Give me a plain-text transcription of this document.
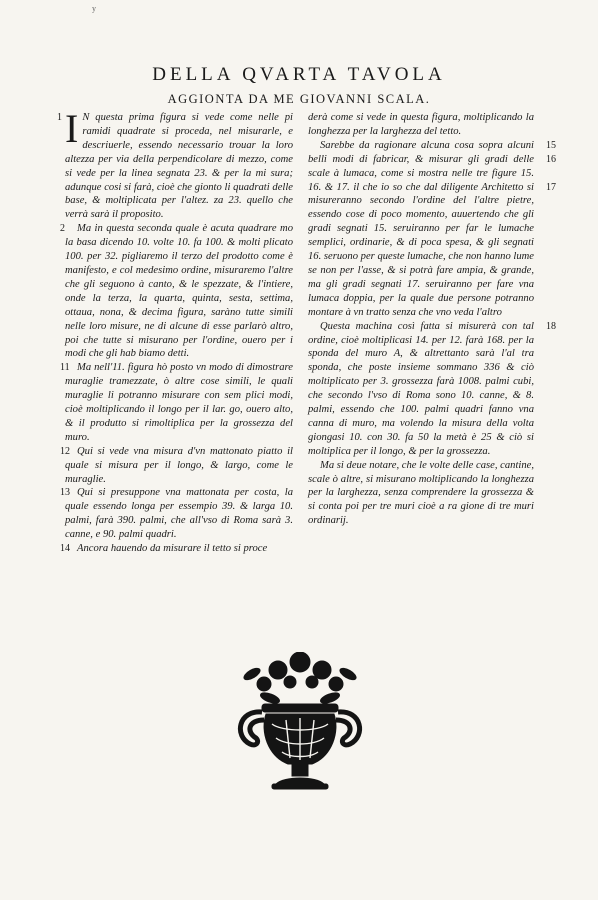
y
DELLA QVARTA TAVOLA
AGGIONTA DA ME GIOVANNI SCALA.

1 I N questa prima figura si vede come nelle pi ramidi quadrate si proceda, nel misurarle, e descriuerle, essendo necessario trouar la loro altezza per via della perpendicolare di mezzo, come si vede per la linea segnata 23. & per la mi sura; adunque cosi si farà, cioè che gionto li quadrati delle base, & moltiplicata per l'altez. za 23. quello che verrà sarà il proposito.

2 Ma in questa seconda quale è acuta quadrare mo la basa dicendo 10. volte 10. fa 100. & molti plicato 100. per 32. pigliaremo il terzo del prodotto come è manifesto, e col medesimo ordine, misuraremo l'altre che gli seguono à canto, & le spezzate, & l'intiere, onde la terza, la quarta, quinta, sesta, settima, ottaua, nona, & decima figura, saràno tutte simili nelle loro misure, ne di alcune di esse parlarò altro, poi che tutte si misurano per l'ordine, ouero per i modi che gli hab biamo detti.

11 Ma nell'11. figura hò posto vn modo di dimostrare muraglie tramezzate, ò altre cose simili, le quali muraglie li potranno misurare con sem plici modi, cioè moltiplicando il longo per il lar. go, ouero alto, & il produtto si rimoltiplica per la grossezza del muro.

12 Qui si vede vna misura d'vn mattonato piatto il quale si misura per il longo, & largo, come le muraglie.

13 Qui si presuppone vna mattonata per costa, la quale essendo longa per essempio 39. & larga 10. palmi, farà 390. palmi, che all'vso di Roma sarà 3. canne, e 90. palmi quadri.

14 Ancora hauendo da misurare il tetto si proce

derà come si vede in questa figura, moltiplicando la longhezza per la larghezza del tetto.

15
16
17
Sarebbe da ragionare alcuna cosa sopra alcuni belli modi di fabricar, & misurar gli gradi delle scale à lumaca, come si mostra nelle tre figure 15. 16. & 17. il che io so che dal diligente Architetto si misureranno secondo l'ordine del l'altre pietre, essendo cose di poco momento, auuertendo che gli gradi segnati 15. seruiranno per far le lumache semplici, ordinarie, & di poca spesa, & gli segnati 16. seruono per queste lumache, che non hanno lume se non per l'asse, & si potrà fare ampia, & grande, ma gli gradi segnati 17. seruiranno per fare vna lumaca doppia, per la quale due persone potranno montare à vn tratto senza che vno veda l'altro

18
Questa machina così fatta si misurerà con tal ordine, cioè moltiplicasi 14. per 12. farà 168. per la sponda del muro A, & altrettanto sarà l'al tra sponda, che poste insieme sommano 336 & ciò moltiplicato per 3. grossezza farà 1008. palmi cubi, che secondo l'vso di Roma sono 10. canne, & 8. palmi, essendo che 100. palmi quadri fanno vna canna di muro, ma volendo la misura della volta giongasi 10. con 30. fa 50 la metà è 25 & ciò si moltiplica per il longo, & per la grossezza.

Ma si deue notare, che le volte delle case, cantine, scale ò altre, si misurano moltiplicando la longhezza per la larghezza, senza comprendere la grossezza & si conta poi per tre muri cioè a ra gione di tre muri ordinarij.
